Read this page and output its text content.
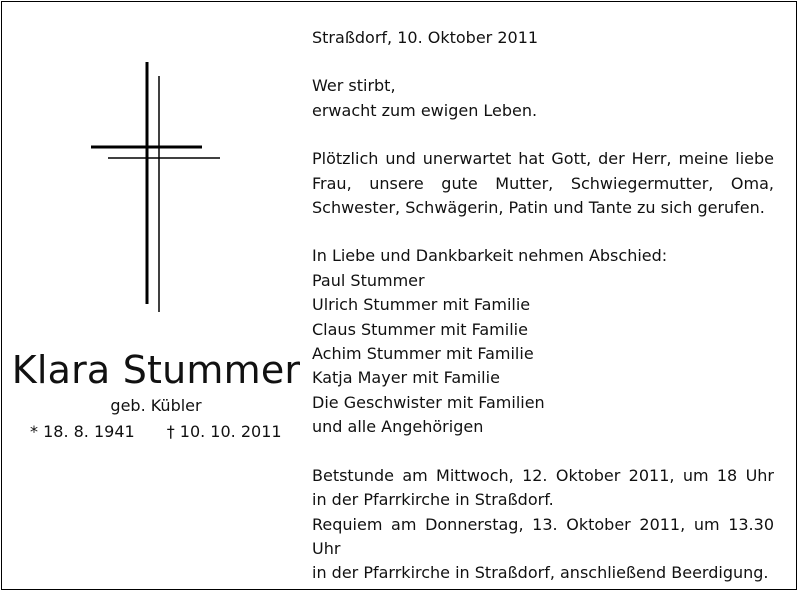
Klara Stummer
geb. Kübler
* 18. 8. 1941 † 10. 10. 2011

Straßdorf, 10. Oktober 2011

Wer stirbt,
erwacht zum ewigen Leben.

Plötzlich und unerwartet hat Gott, der Herr, meine liebe
Frau, unsere gute Mutter, Schwiegermutter, Oma,
Schwester, Schwägerin, Patin und Tante zu sich gerufen.

In Liebe und Dankbarkeit nehmen Abschied:

Paul Stummer
Ulrich Stummer mit Familie
Claus Stummer mit Familie
Achim Stummer mit Familie
Katja Mayer mit Familie
Die Geschwister mit Familien
und alle Angehörigen

Betstunde am Mittwoch, 12. Oktober 2011, um 18 Uhr
in der Pfarrkirche in Straßdorf.
Requiem am Donnerstag, 13. Oktober 2011, um 13.30 Uhr
in der Pfarrkirche in Straßdorf, anschließend Beerdigung.
